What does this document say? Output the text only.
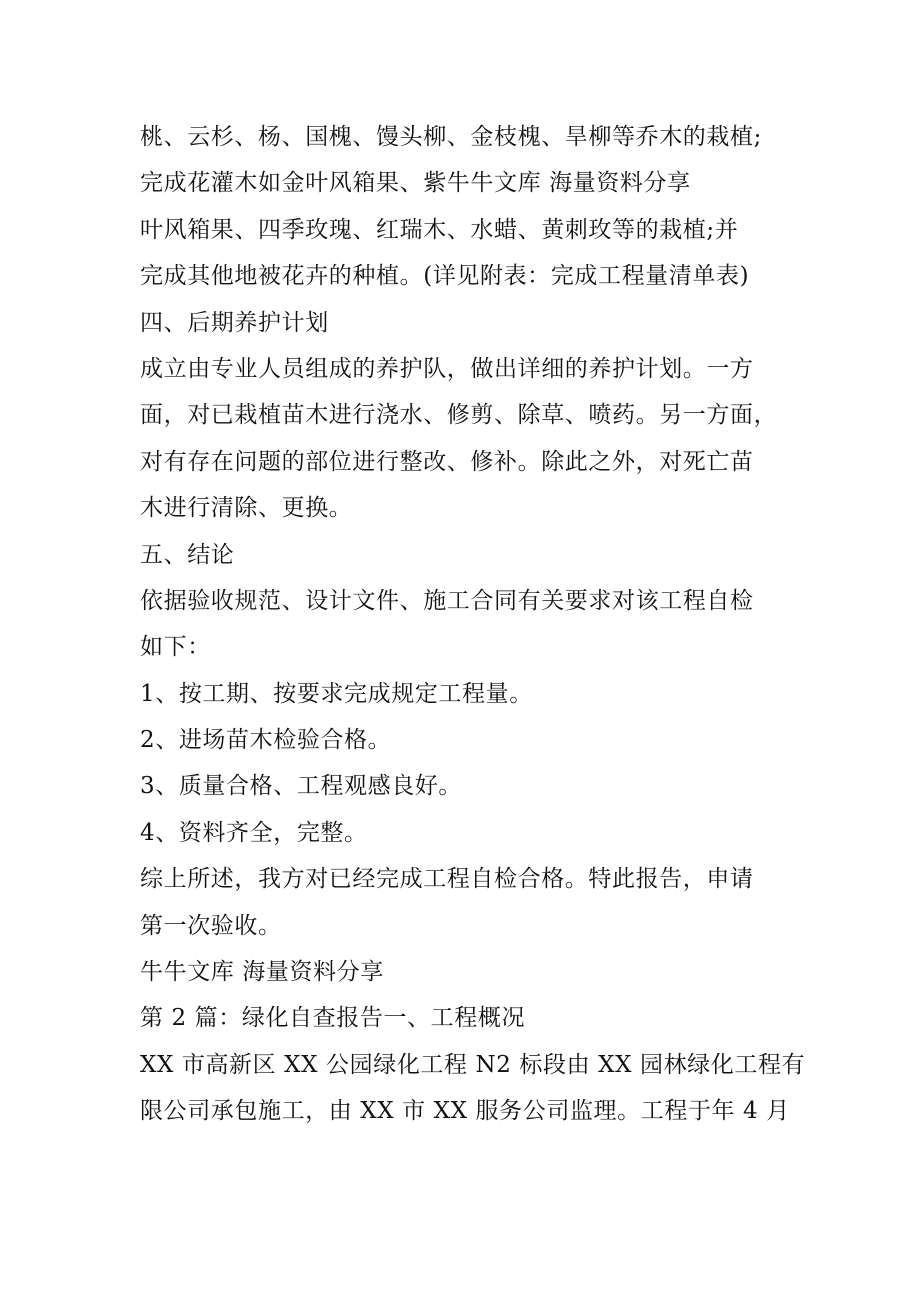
桃、云杉、杨、国槐、馒头柳、金枝槐、旱柳等乔木的栽植;
完成花灌木如金叶风箱果、紫牛牛文库 海量资料分享
叶风箱果、四季玫瑰、红瑞木、水蜡、黄刺玫等的栽植;并
完成其他地被花卉的种植。(详见附表：完成工程量清单表)
四、后期养护计划
成立由专业人员组成的养护队，做出详细的养护计划。一方
面，对已栽植苗木进行浇水、修剪、除草、喷药。另一方面，
对有存在问题的部位进行整改、修补。除此之外，对死亡苗
木进行清除、更换。
五、结论
依据验收规范、设计文件、施工合同有关要求对该工程自检
如下：
1、按工期、按要求完成规定工程量。
2、进场苗木检验合格。
3、质量合格、工程观感良好。
4、资料齐全，完整。
综上所述，我方对已经完成工程自检合格。特此报告，申请
第一次验收。
牛牛文库 海量资料分享
第 2 篇：绿化自查报告一、工程概况
XX 市高新区 XX 公园绿化工程 N2 标段由 XX 园林绿化工程有
限公司承包施工，由 XX 市 XX 服务公司监理。工程于年 4 月
